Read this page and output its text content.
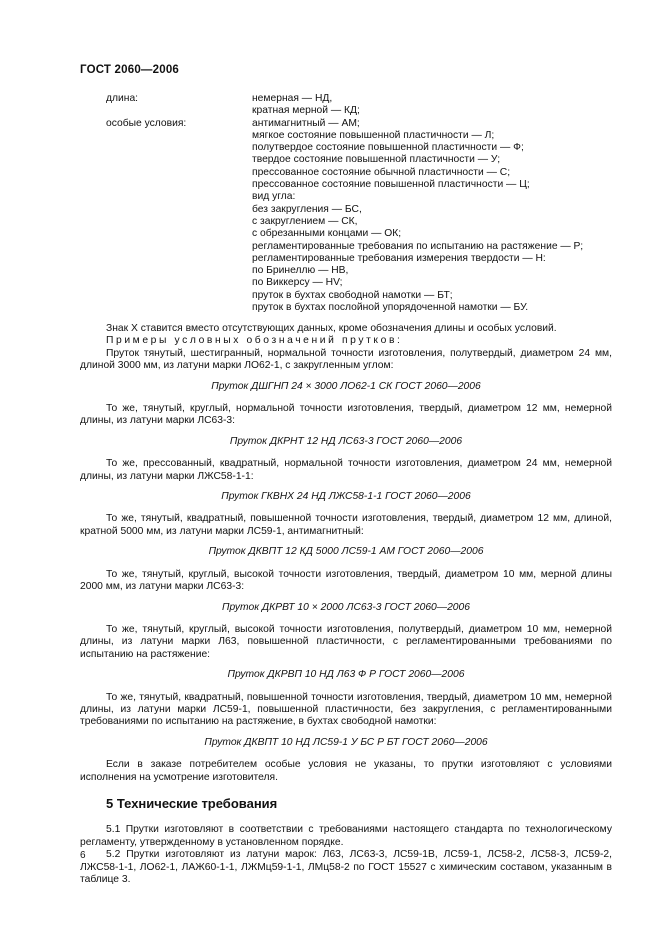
ГОСТ 2060—2006
длина:	немерная — НД,
кратная мерной — КД;
особые условия:	антимагнитный — АМ;
мягкое состояние повышенной пластичности — Л;
полутвердое состояние повышенной пластичности — Ф;
твердое состояние повышенной пластичности — У;
прессованное состояние обычной пластичности — С;
прессованное состояние повышенной пластичности — Ц;
вид угла:
без закругления — БС,
с закруглением — СК,
с обрезанными концами — ОК;
регламентированные требования по испытанию на растяжение — Р;
регламентированные требования измерения твердости — Н:
по Бринеллю — НВ,
по Виккерсу — HV;
пруток в бухтах свободной намотки — БТ;
пруток в бухтах послойной упорядоченной намотки — БУ.

Знак X ставится вместо отсутствующих данных, кроме обозначения длины и особых условий.

Примеры условных обозначений прутков:

Пруток тянутый, шестигранный, нормальной точности изготовления, полутвердый, диаметром 24 мм, длиной 3000 мм, из латуни марки ЛО62-1, с закругленным углом:

Пруток ДШГНП 24 × 3000 ЛО62-1 СК ГОСТ 2060—2006

То же, тянутый, круглый, нормальной точности изготовления, твердый, диаметром 12 мм, немерной длины, из латуни марки ЛС63-3:

Пруток ДКРНТ 12 НД ЛС63-3 ГОСТ 2060—2006

То же, прессованный, квадратный, нормальной точности изготовления, диаметром 24 мм, немерной длины, из латуни марки ЛЖС58-1-1:

Пруток ГКВНХ 24 НД ЛЖС58-1-1 ГОСТ 2060—2006

То же, тянутый, квадратный, повышенной точности изготовления, твердый, диаметром 12 мм, длиной, кратной 5000 мм, из латуни марки ЛС59-1, антимагнитный:

Пруток ДКВПТ 12 КД 5000 ЛС59-1 АМ ГОСТ 2060—2006

То же, тянутый, круглый, высокой точности изготовления, твердый, диаметром 10 мм, мерной длины 2000 мм, из латуни марки ЛС63-3:

Пруток ДКРВТ 10 × 2000 ЛС63-3 ГОСТ 2060—2006

То же, тянутый, круглый, высокой точности изготовления, полутвердый, диаметром 10 мм, немерной длины, из латуни марки Л63, повышенной пластичности, с регламентированными требованиями по испытанию на растяжение:

Пруток ДКРВП 10 НД Л63 Ф Р ГОСТ 2060—2006

То же, тянутый, квадратный, повышенной точности изготовления, твердый, диаметром 10 мм, немерной длины, из латуни марки ЛС59-1, повышенной пластичности, без закругления, с регламентированными требованиями по испытанию на растяжение, в бухтах свободной намотки:

Пруток ДКВПТ 10 НД ЛС59-1 У БС Р БТ ГОСТ 2060—2006

Если в заказе потребителем особые условия не указаны, то прутки изготовляют с условиями исполнения на усмотрение изготовителя.

5 Технические требования

5.1 Прутки изготовляют в соответствии с требованиями настоящего стандарта по технологическому регламенту, утвержденному в установленном порядке.

5.2 Прутки изготовляют из латуни марок: Л63, ЛС63-3, ЛС59-1В, ЛС59-1, ЛС58-2, ЛС58-3, ЛС59-2, ЛЖС58-1-1, ЛО62-1, ЛАЖ60-1-1, ЛЖМц59-1-1, ЛМц58-2 по ГОСТ 15527 с химическим составом, указанным в таблице 3.

6
